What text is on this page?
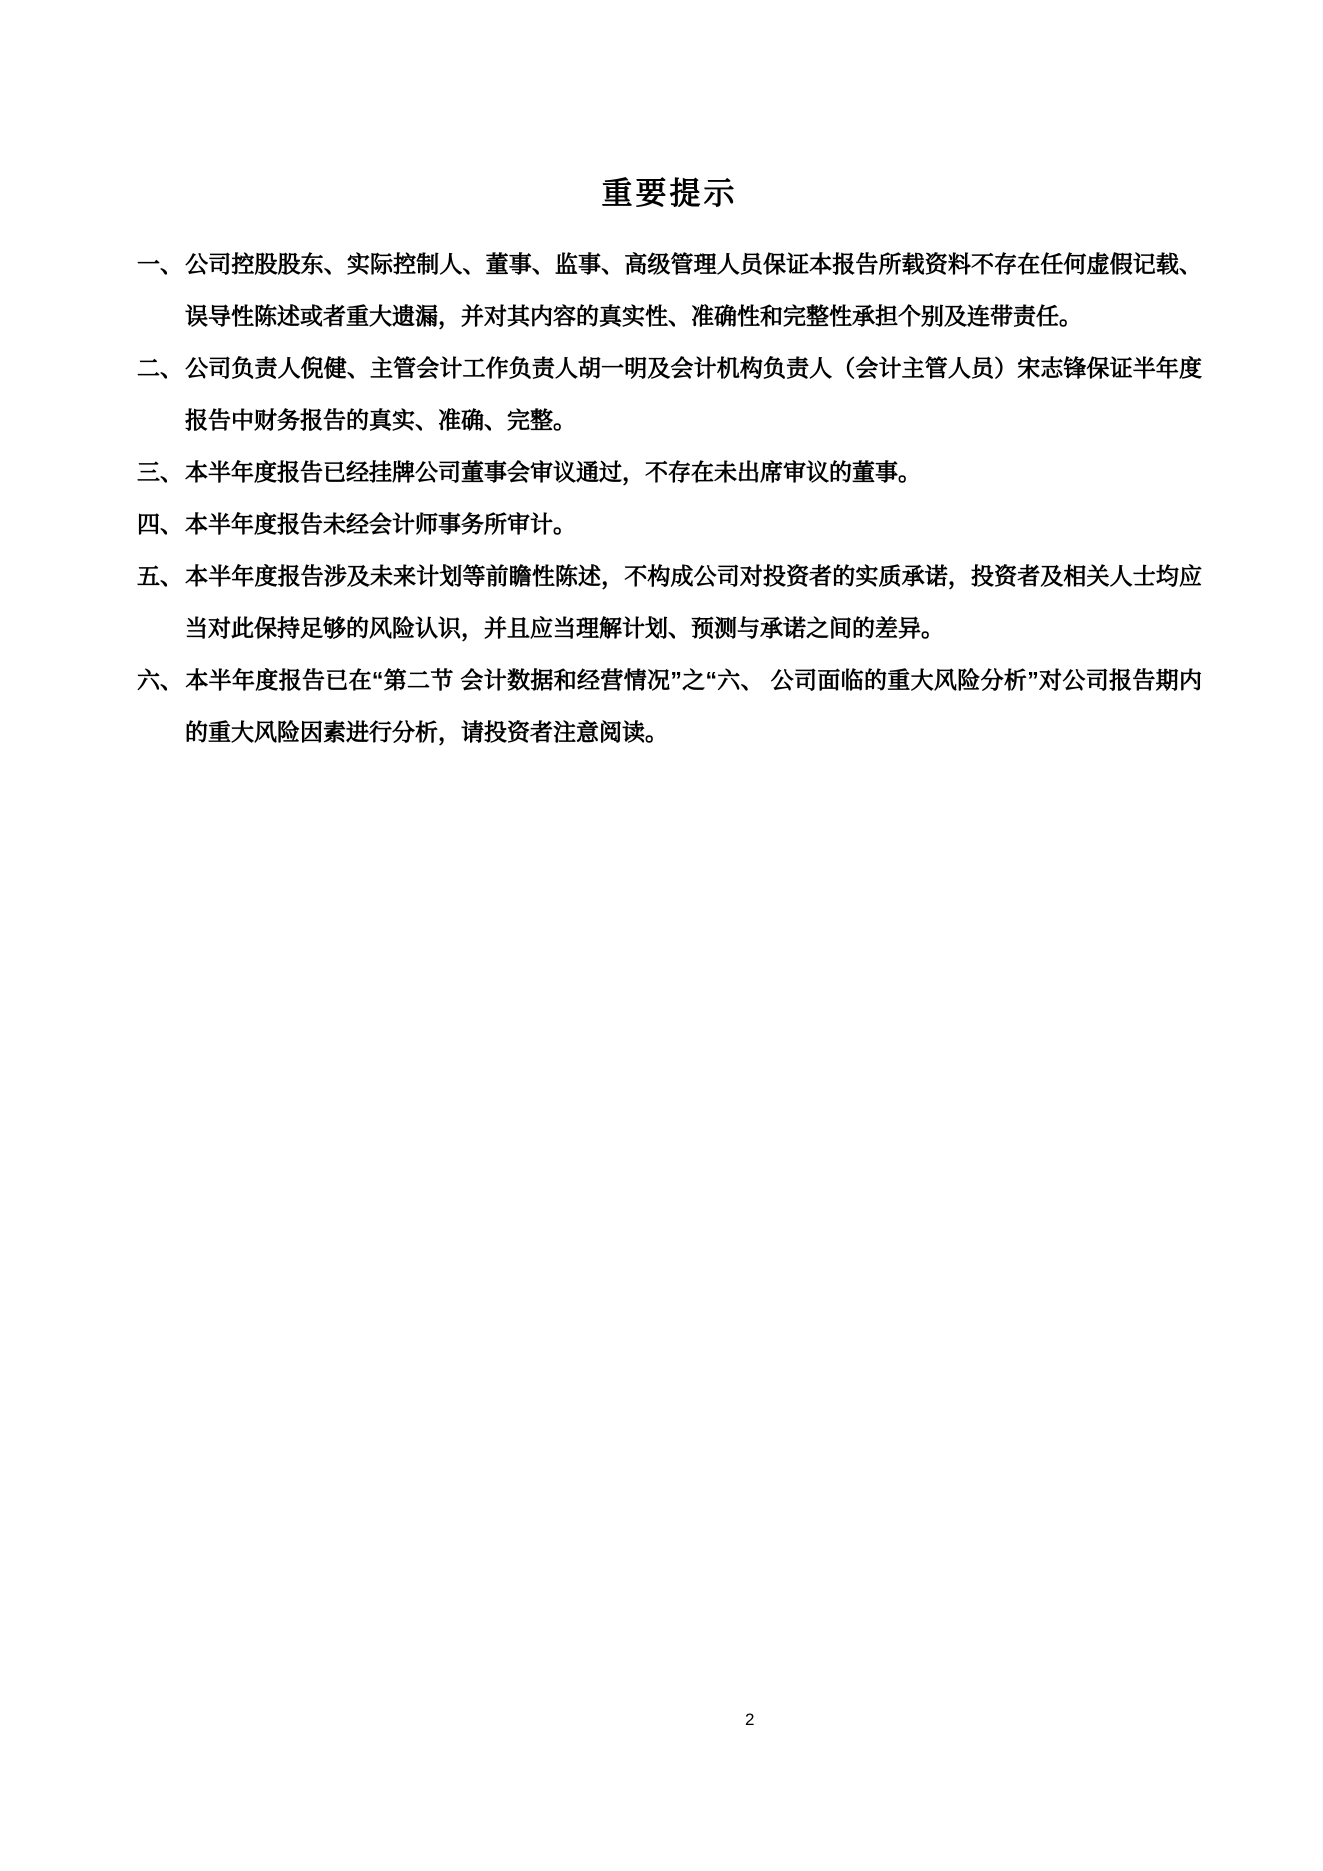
重要提示

一、公司控股股东、实际控制人、董事、监事、高级管理人员保证本报告所载资料不存在任何虚假记载、误导性陈述或者重大遗漏，并对其内容的真实性、准确性和完整性承担个别及连带责任。

二、公司负责人倪健、主管会计工作负责人胡一明及会计机构负责人（会计主管人员）宋志锋保证半年度报告中财务报告的真实、准确、完整。

三、本半年度报告已经挂牌公司董事会审议通过，不存在未出席审议的董事。

四、本半年度报告未经会计师事务所审计。

五、本半年度报告涉及未来计划等前瞻性陈述，不构成公司对投资者的实质承诺，投资者及相关人士均应当对此保持足够的风险认识，并且应当理解计划、预测与承诺之间的差异。

六、本半年度报告已在“第二节 会计数据和经营情况”之“六、 公司面临的重大风险分析”对公司报告期内的重大风险因素进行分析，请投资者注意阅读。

2
